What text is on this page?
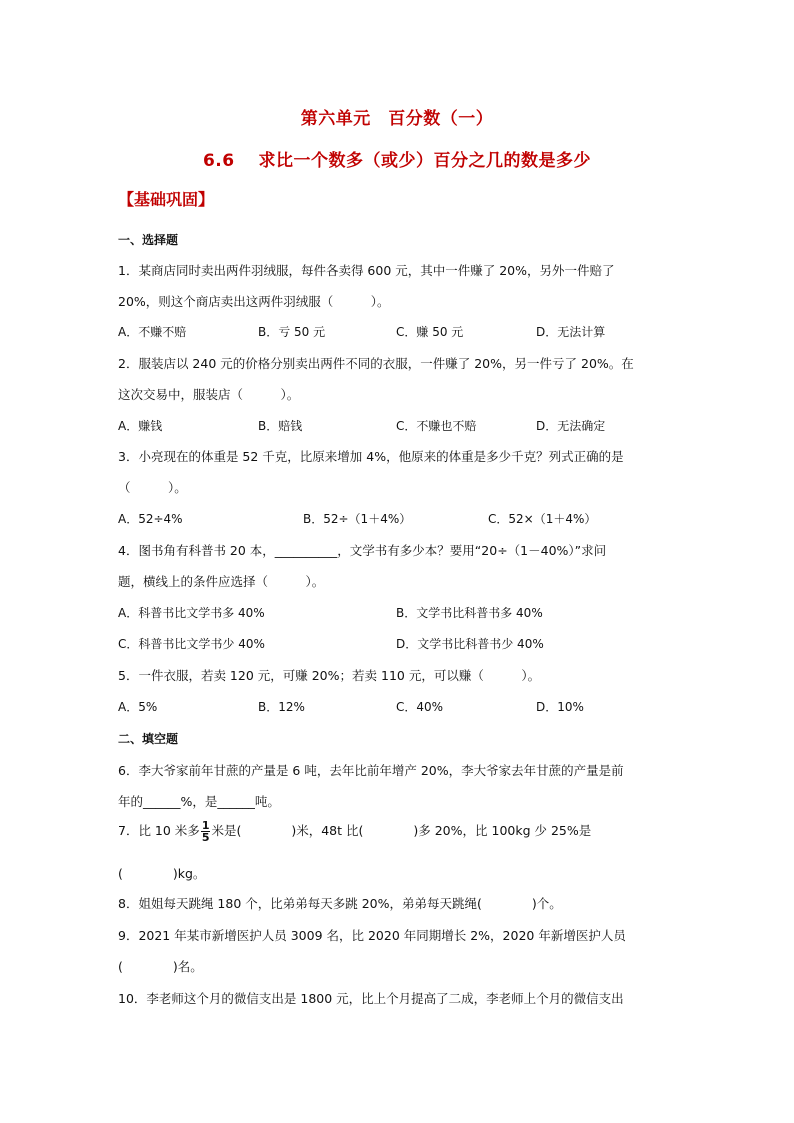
第六单元　百分数（一）
6.6　 求比一个数多（或少）百分之几的数是多少
【基础巩固】
一、选择题
1．某商店同时卖出两件羽绒服，每件各卖得 600 元，其中一件赚了 20%，另外一件赔了
20%，则这个商店卖出这两件羽绒服（　　　）。
A．不赚不赔	B．亏 50 元	C．赚 50 元	D．无法计算
2．服装店以 240 元的价格分别卖出两件不同的衣服，一件赚了 20%，另一件亏了 20%。在
这次交易中，服装店（　　　）。
A．赚钱	B．赔钱	C．不赚也不赔	D．无法确定
3．小亮现在的体重是 52 千克，比原来增加 4%，他原来的体重是多少千克？列式正确的是
（　　　）。
A．52÷4%	B．52÷（1＋4%）	C．52×（1＋4%）
4．图书角有科普书 20 本，__________，文学书有多少本？要用“20÷（1－40%）”求问
题，横线上的条件应选择（　　　）。
A．科普书比文学书多 40%	B．文学书比科普书多 40%
C．科普书比文学书少 40%	D．文学书比科普书少 40%
5．一件衣服，若卖 120 元，可赚 20%；若卖 110 元，可以赚（　　　）。
A．5%	B．12%	C．40%	D．10%
二、填空题
6．李大爷家前年甘蔗的产量是 6 吨，去年比前年增产 20%，李大爷家去年甘蔗的产量是前
年的______%，是______吨。
7．比 10 米多 $\frac{1}{5}$ 米是(　　　　)米，48t 比(　　　　)多 20%，比 100kg 少 25%是
(　　　　)kg。
8．姐姐每天跳绳 180 个，比弟弟每天多跳 20%，弟弟每天跳绳(　　　　)个。
9．2021 年某市新增医护人员 3009 名，比 2020 年同期增长 2%，2020 年新增医护人员
(　　　　)名。
10．李老师这个月的微信支出是 1800 元，比上个月提高了二成，李老师上个月的微信支出
